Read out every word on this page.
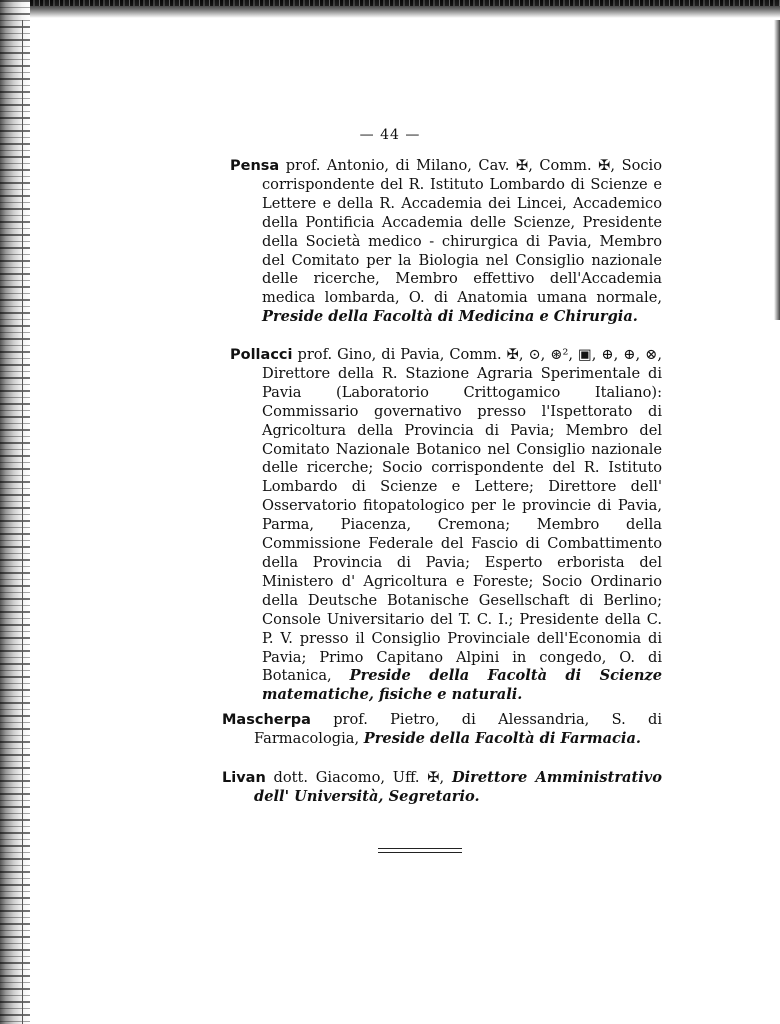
— 44 —

Pensa prof. Antonio, di Milano, Cav. ✠, Comm. ✠, Socio corrispondente del R. Istituto Lombardo di Scienze e Lettere e della R. Accademia dei Lincei, Accademico della Pontificia Accademia delle Scienze, Presidente della Società medico - chirurgica di Pavia, Membro del Comitato per la Biologia nel Consiglio nazionale delle ricerche, Membro effettivo dell'Accademia medica lombarda, O. di Anatomia umana normale, Preside della Facoltà di Medicina e Chirurgia.

Pollacci prof. Gino, di Pavia, Comm. ✠, ⊙, ⊛², ▣, ⊕, ⊕, ⊗, Direttore della R. Stazione Agraria Sperimentale di Pavia (Laboratorio Crittogamico Italiano): Commissario governativo presso l'Ispettorato di Agricoltura della Provincia di Pavia; Membro del Comitato Nazionale Botanico nel Consiglio nazionale delle ricerche; Socio corrispondente del R. Istituto Lombardo di Scienze e Lettere; Direttore dell' Osservatorio fitopatologico per le provincie di Pavia, Parma, Piacenza, Cremona; Membro della Commissione Federale del Fascio di Combattimento della Provincia di Pavia; Esperto erborista del Ministero d' Agricoltura e Foreste; Socio Ordinario della Deutsche Botanische Gesellschaft di Berlino; Console Universitario del T. C. I.; Presidente della C. P. V. presso il Consiglio Provinciale dell'Economia di Pavia; Primo Capitano Alpini in congedo, O. di Botanica, Preside della Facoltà di Scienze matematiche, fisiche e naturali.

Mascherpa prof. Pietro, di Alessandria, S. di Farmacologia, Preside della Facoltà di Farmacia.

Livan dott. Giacomo, Uff. ✠, Direttore Amministrativo dell' Università, Segretario.
